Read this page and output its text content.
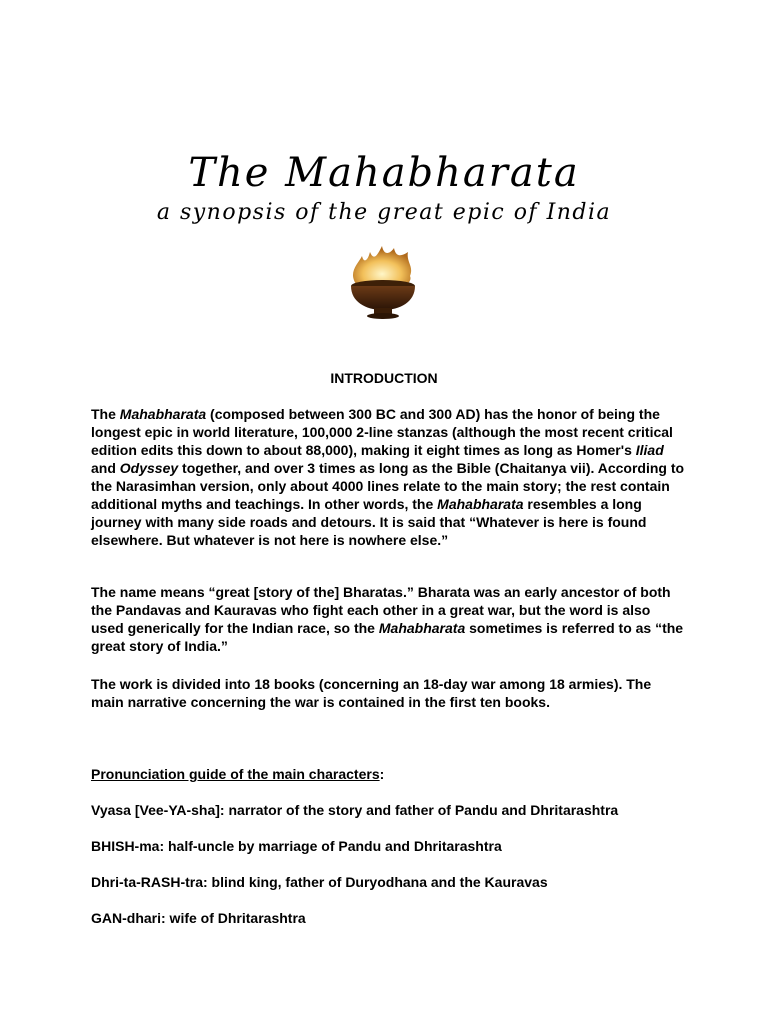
The Mahabharata
a synopsis of the great epic of India
INTRODUCTION

The Mahabharata (composed between 300 BC and 300 AD) has the honor of being the longest epic in world literature, 100,000 2-line stanzas (although the most recent critical edition edits this down to about 88,000), making it eight times as long as Homer's Iliad and Odyssey together, and over 3 times as long as the Bible (Chaitanya vii). According to the Narasimhan version, only about 4000 lines relate to the main story; the rest contain additional myths and teachings. In other words, the Mahabharata resembles a long journey with many side roads and detours. It is said that “Whatever is here is found elsewhere. But whatever is not here is nowhere else.”

The name means “great [story of the] Bharatas.” Bharata was an early ancestor of both the Pandavas and Kauravas who fight each other in a great war, but the word is also used generically for the Indian race, so the Mahabharata sometimes is referred to as “the great story of India.”

The work is divided into 18 books (concerning an 18-day war among 18 armies). The main narrative concerning the war is contained in the first ten books.

Pronunciation guide of the main characters:

Vyasa [Vee-YA-sha]: narrator of the story and father of Pandu and Dhritarashtra

BHISH-ma: half-uncle by marriage of Pandu and Dhritarashtra

Dhri-ta-RASH-tra: blind king, father of Duryodhana and the Kauravas

GAN-dhari: wife of Dhritarashtra
